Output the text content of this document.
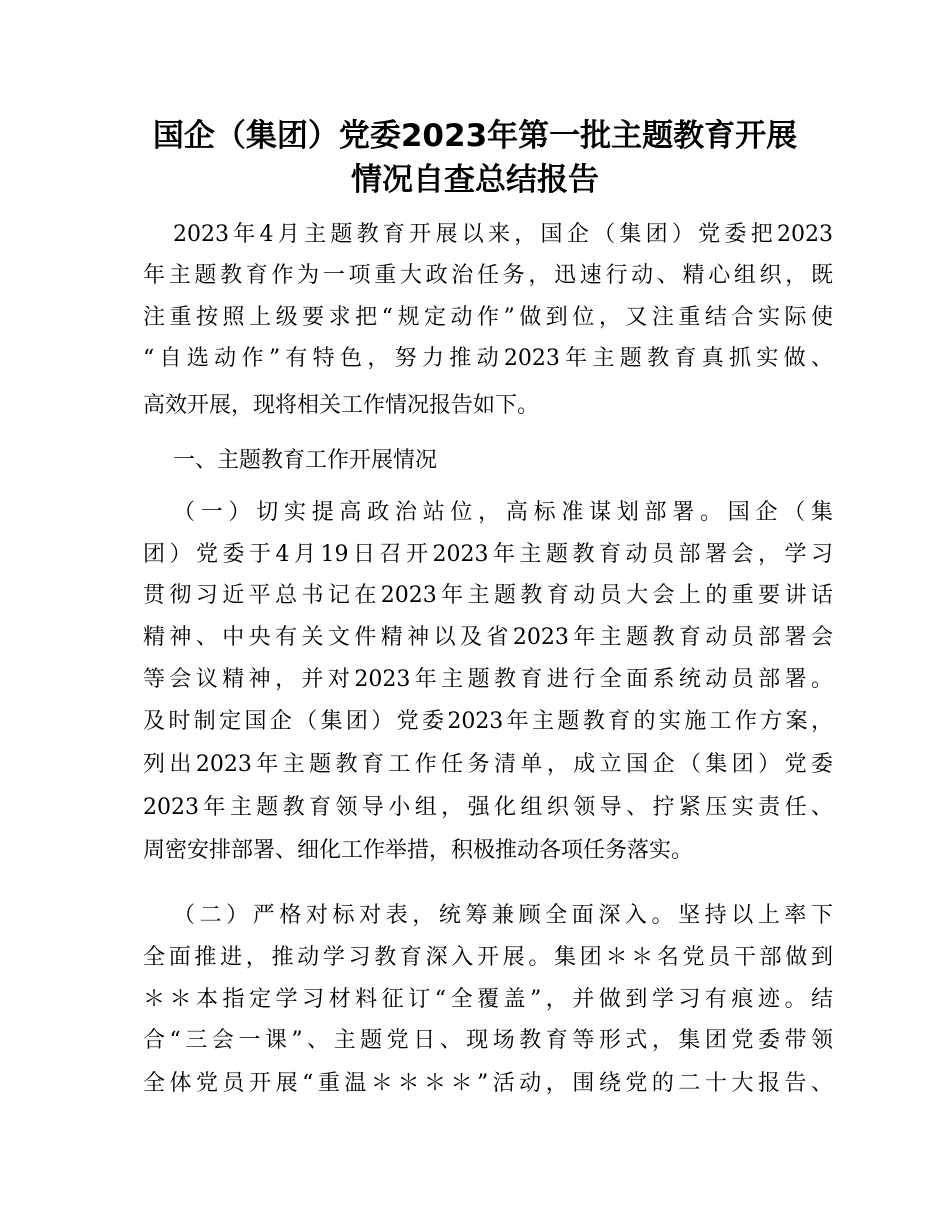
国企（集团）党委2023年第一批主题教育开展
情况自查总结报告

2023年4月主题教育开展以来，国企（集团）党委把2023

年主题教育作为一项重大政治任务，迅速行动、精心组织，既

注重按照上级要求把“规定动作”做到位，又注重结合实际使

“自选动作”有特色，努力推动2023年主题教育真抓实做、

高效开展，现将相关工作情况报告如下。

一、主题教育工作开展情况

（一）切实提高政治站位，高标准谋划部署。国企（集

团）党委于4月19日召开2023年主题教育动员部署会，学习

贯彻习近平总书记在2023年主题教育动员大会上的重要讲话

精神、中央有关文件精神以及省2023年主题教育动员部署会

等会议精神，并对2023年主题教育进行全面系统动员部署。

及时制定国企（集团）党委2023年主题教育的实施工作方案，

列出2023年主题教育工作任务清单，成立国企（集团）党委

2023年主题教育领导小组，强化组织领导、拧紧压实责任、

周密安排部署、细化工作举措，积极推动各项任务落实。

（二）严格对标对表，统筹兼顾全面深入。坚持以上率下

全面推进，推动学习教育深入开展。集团＊＊名党员干部做到

＊＊本指定学习材料征订“全覆盖”，并做到学习有痕迹。结

合“三会一课”、主题党日、现场教育等形式，集团党委带领

全体党员开展“重温＊＊＊＊”活动，围绕党的二十大报告、
